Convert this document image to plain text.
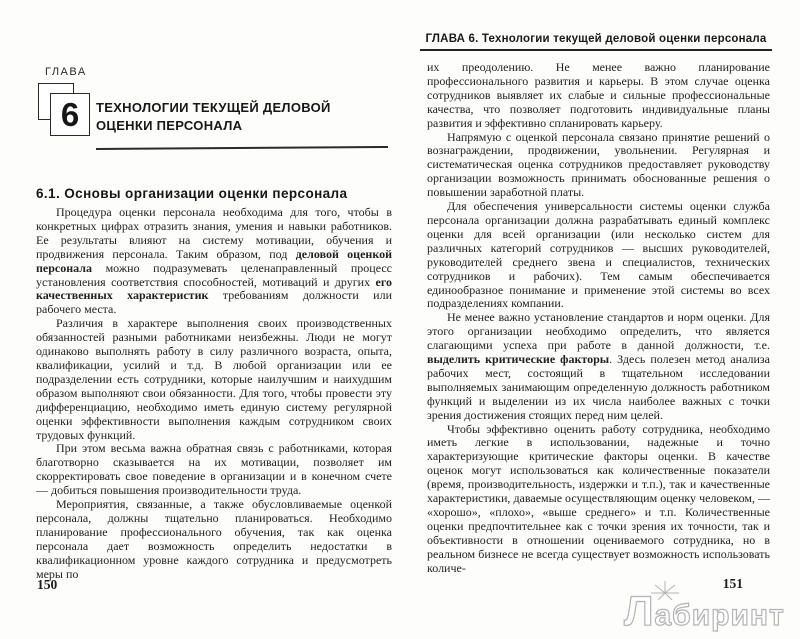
ГЛАВА 6. Технологии текущей деловой оценки персонала
ГЛАВА
6 ТЕХНОЛОГИИ ТЕКУЩЕЙ ДЕЛОВОЙ
ОЦЕНКИ ПЕРСОНАЛА
6.1. Основы организации оценки персонала

Процедура оценки персонала необходима для того, чтобы в конкретных цифрах отразить знания, умения и навыки работников. Ее результаты влияют на систему мотивации, обучения и продвижения персонала. Таким образом, под деловой оценкой персонала можно подразумевать целенаправленный процесс установления соответствия способностей, мотиваций и других его качественных характеристик требованиям должности или рабочего места.

Различия в характере выполнения своих производственных обязанностей разными работниками неизбежны. Люди не могут одинаково выполнять работу в силу различного возраста, опыта, квалификации, усилий и т.д. В любой организации или ее подразделении есть сотрудники, которые наилучшим и наихудшим образом выполняют свои обязанности. Для того, чтобы провести эту дифференциацию, необходимо иметь единую систему регулярной оценки эффективности выполнения каждым сотрудником своих трудовых функций.

При этом весьма важна обратная связь с работниками, которая благотворно сказывается на их мотивации, позволяет им скорректировать свое поведение в организации и в конечном счете — добиться повышения производительности труда.

Мероприятия, связанные, а также обусловливаемые оценкой персонала, должны тщательно планироваться. Необходимо планирование профессионального обучения, так как оценка персонала дает возможность определить недостатки в квалификационном уровне каждого сотрудника и предусмотреть меры по

их преодолению. Не менее важно планирование профессионального развития и карьеры. В этом случае оценка сотрудников выявляет их слабые и сильные профессиональные качества, что позволяет подготовить индивидуальные планы развития и эффективно спланировать карьеру.

Напрямую с оценкой персонала связано принятие решений о вознаграждении, продвижении, увольнении. Регулярная и систематическая оценка сотрудников предоставляет руководству организации возможность принимать обоснованные решения о повышении заработной платы.

Для обеспечения универсальности системы оценки служба персонала организации должна разрабатывать единый комплекс оценки для всей организации (или несколько систем для различных категорий сотрудников — высших руководителей, руководителей среднего звена и специалистов, технических сотрудников и рабочих). Тем самым обеспечивается единообразное понимание и применение этой системы во всех подразделениях компании.

Не менее важно установление стандартов и норм оценки. Для этого организации необходимо определить, что является слагающими успеха при работе в данной должности, т.е. выделить критические факторы. Здесь полезен метод анализа рабочих мест, состоящий в тщательном исследовании выполняемых занимающим определенную должность работником функций и выделении из их числа наиболее важных с точки зрения достижения стоящих перед ним целей.

Чтобы эффективно оценить работу сотрудника, необходимо иметь легкие в использовании, надежные и точно характеризующие критические факторы оценки. В качестве оценок могут использоваться как количественные показатели (время, производительность, издержки и т.п.), так и качественные характеристики, даваемые осуществляющим оценку человеком, — «хорошо», «плохо», «выше среднего» и т.п. Количественные оценки предпочтительнее как с точки зрения их точности, так и объективности в отношении оцениваемого сотрудника, но в реальном бизнесе не всегда существует возможность использовать количе-

150	151
Лабиринт
